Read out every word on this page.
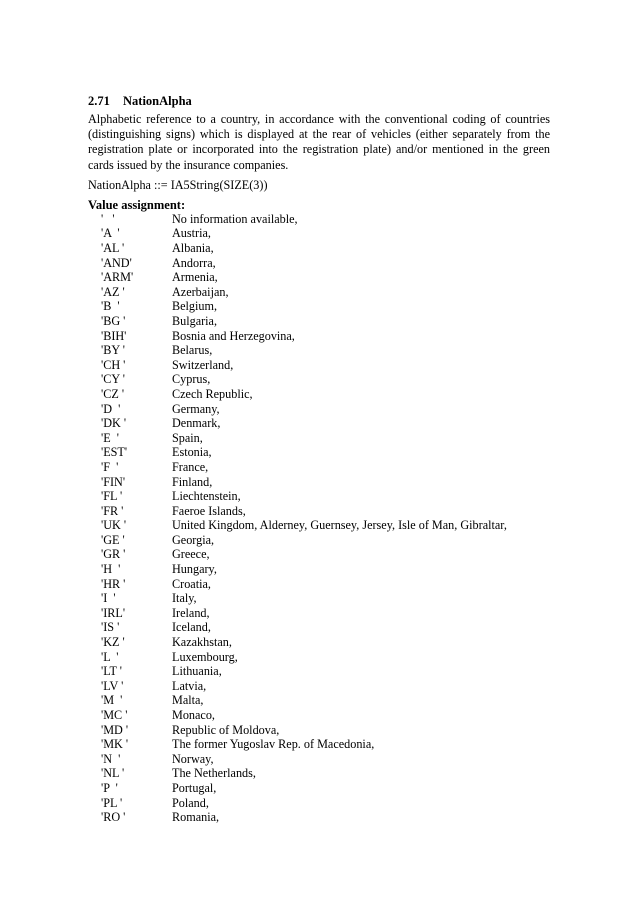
2.71 NationAlpha

Alphabetic reference to a country, in accordance with the conventional coding of countries (distinguishing signs) which is displayed at the rear of vehicles (either separately from the registration plate or incorporated into the registration plate) and/or mentioned in the green cards issued by the insurance companies.

NationAlpha ::= IA5String(SIZE(3))
Value assignment:
'   '	No information available,
'A  '	Austria,
'AL '	Albania,
'AND'	Andorra,
'ARM'	Armenia,
'AZ '	Azerbaijan,
'B  '	Belgium,
'BG '	Bulgaria,
'BIH'	Bosnia and Herzegovina,
'BY '	Belarus,
'CH '	Switzerland,
'CY '	Cyprus,
'CZ '	Czech Republic,
'D  '	Germany,
'DK '	Denmark,
'E  '	Spain,
'EST'	Estonia,
'F  '	France,
'FIN'	Finland,
'FL '	Liechtenstein,
'FR '	Faeroe Islands,
'UK '	United Kingdom, Alderney, Guernsey, Jersey, Isle of Man, Gibraltar,
'GE '	Georgia,
'GR '	Greece,
'H  '	Hungary,
'HR '	Croatia,
'I  '	Italy,
'IRL'	Ireland,
'IS '	Iceland,
'KZ '	Kazakhstan,
'L  '	Luxembourg,
'LT '	Lithuania,
'LV '	Latvia,
'M  '	Malta,
'MC '	Monaco,
'MD '	Republic of Moldova,
'MK '	The former Yugoslav Rep. of Macedonia,
'N  '	Norway,
'NL '	The Netherlands,
'P  '	Portugal,
'PL '	Poland,
'RO '	Romania,
